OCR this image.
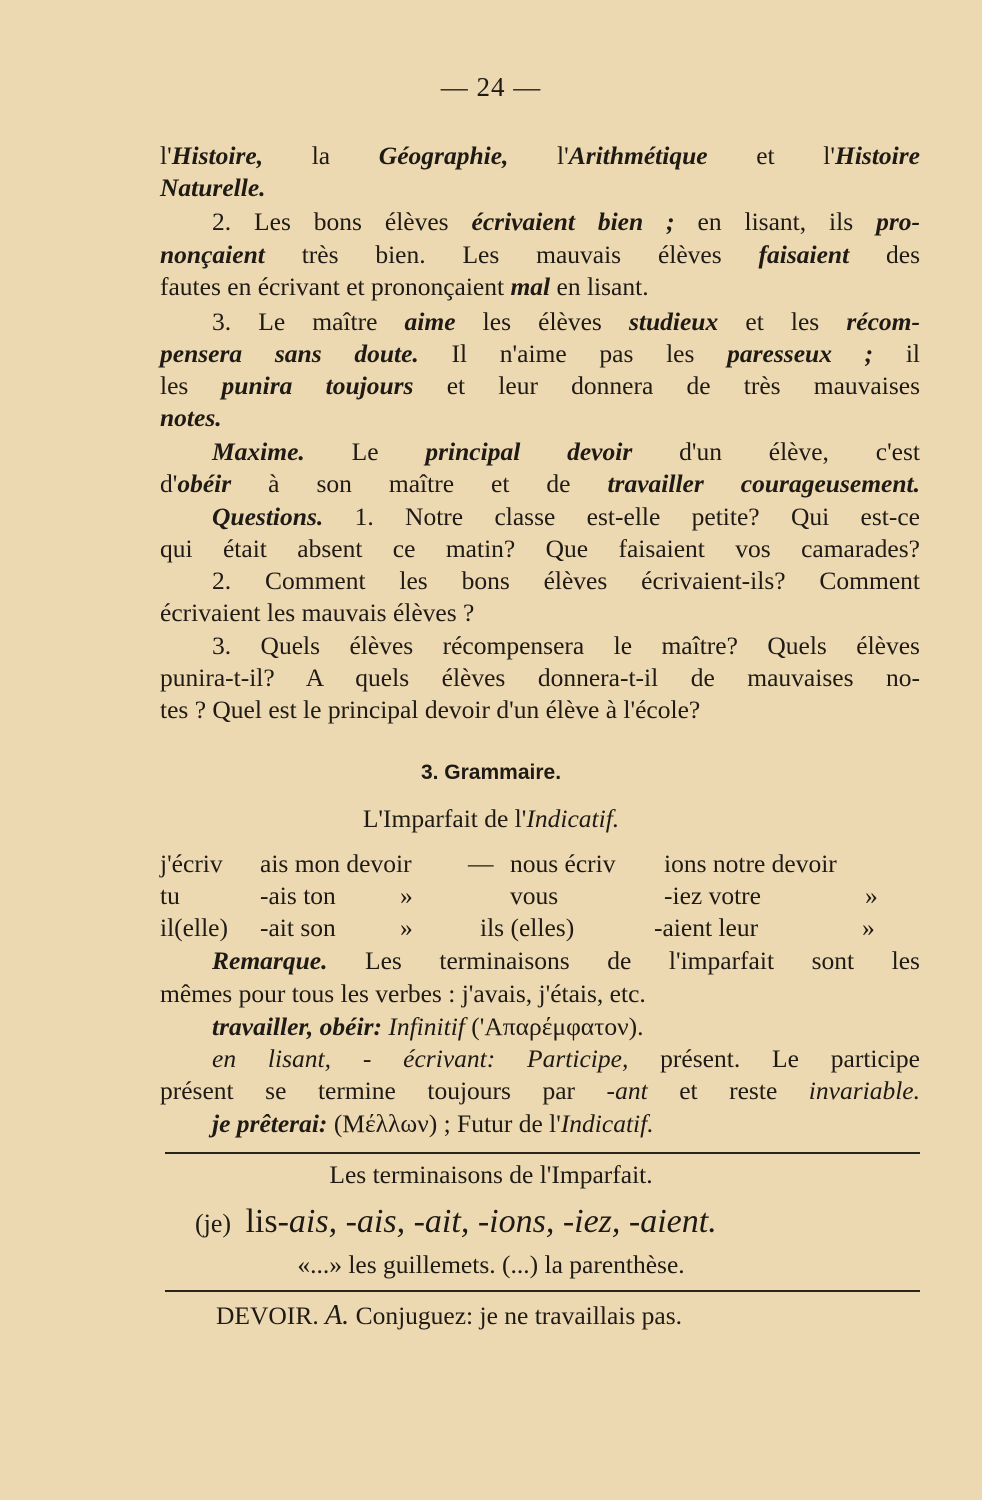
— 24 —
l'Histoire, la Géographie, l'Arithmétique et l'Histoire
Naturelle.
2. Les bons élèves écrivaient bien ; en lisant, ils pro-
nonçaient très bien. Les mauvais élèves faisaient des
fautes en écrivant et prononçaient mal en lisant.
3. Le maître aime les élèves studieux et les récom-
pensera sans doute. Il n'aime pas les paresseux ; il
les punira toujours et leur donnera de très mauvaises
notes.
Maxime. Le principal devoir d'un élève, c'est
d'obéir à son maître et de travailler courageusement.
Questions. 1. Notre classe est-elle petite? Qui est-ce
qui était absent ce matin? Que faisaient vos camarades?
2. Comment les bons élèves écrivaient-ils? Comment
écrivaient les mauvais élèves ?
3. Quels élèves récompensera le maître? Quels élèves
punira-t-il? A quels élèves donnera-t-il de mauvaises no-
tes ? Quel est le principal devoir d'un élève à l'école?
3. Grammaire.
L'Imparfait de l'Indicatif.
j'écriv ais mon devoir — nous écriv ions notre devoir
tu	-ais ton	»	vous	-iez votre	»
il(elle) -ait son	»	ils (elles)	-aient leur	»
Remarque. Les terminaisons de l'imparfait sont les
mêmes pour tous les verbes : j'avais, j'étais, etc.
travailler, obéir: Infinitif ('Απαρέμφατον).
en lisant, - écrivant: Participe, présent. Le participe
présent se termine toujours par -ant et reste invariable.
je prêterai: (Μέλλων) ; Futur de l'Indicatif.
Les terminaisons de l'Imparfait.
(je) lis-ais, -ais, -ait, -ions, -iez, -aient.
«...» les guillemets. (...) la parenthèse.
DEVOIR. A. Conjuguez: je ne travaillais pas.
